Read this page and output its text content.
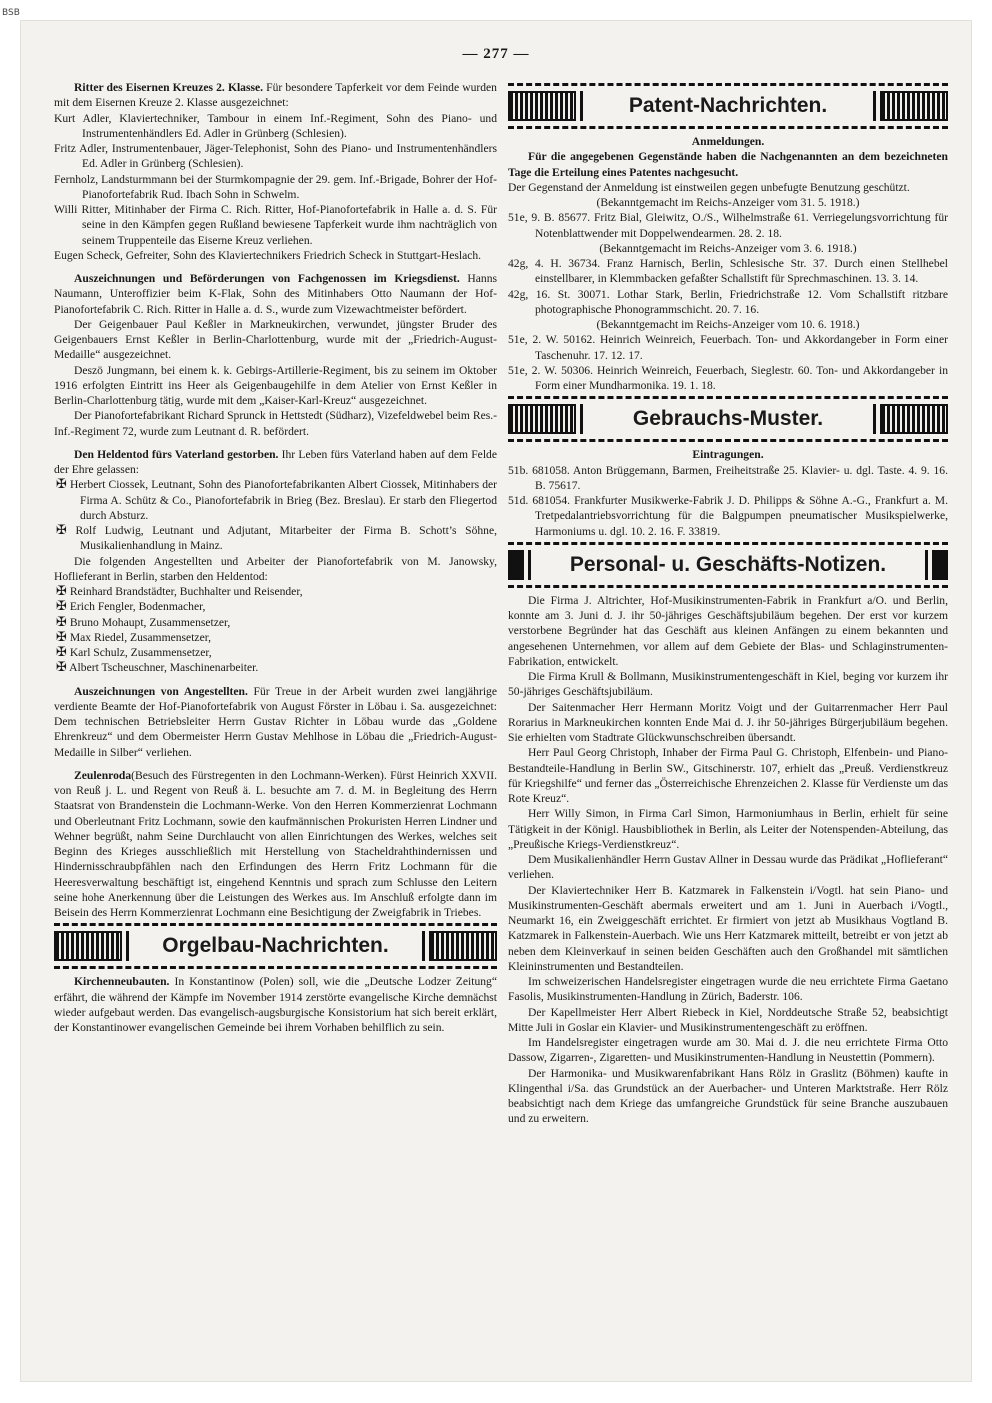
BSB
— 277 —

Ritter des Eisernen Kreuzes 2. Klasse. Für besondere Tapferkeit vor dem Feinde wurden mit dem Eisernen Kreuze 2. Klasse ausgezeichnet:

Kurt Adler, Klaviertechniker, Tambour in einem Inf.-Regiment, Sohn des Piano- und Instrumentenhändlers Ed. Adler in Grünberg (Schlesien).

Fritz Adler, Instrumentenbauer, Jäger-Telephonist, Sohn des Piano- und Instrumentenhändlers Ed. Adler in Grünberg (Schlesien).

Fernholz, Landsturmmann bei der Sturmkompagnie der 29. gem. Inf.-Brigade, Bohrer der Hof-Pianofortefabrik Rud. Ibach Sohn in Schwelm.

Willi Ritter, Mitinhaber der Firma C. Rich. Ritter, Hof-Pianofortefabrik in Halle a. d. S. Für seine in den Kämpfen gegen Rußland bewiesene Tapferkeit wurde ihm nachträglich von seinem Truppenteile das Eiserne Kreuz verliehen.

Eugen Scheck, Gefreiter, Sohn des Klaviertechnikers Friedrich Scheck in Stuttgart-Heslach.

Auszeichnungen und Beförderungen von Fachgenossen im Kriegsdienst. Hanns Naumann, Unteroffizier beim K-Flak, Sohn des Mitinhabers Otto Naumann der Hof-Pianofortefabrik C. Rich. Ritter in Halle a. d. S., wurde zum Vizewachtmeister befördert.

Der Geigenbauer Paul Keßler in Markneukirchen, verwundet, jüngster Bruder des Geigenbauers Ernst Keßler in Berlin-Charlottenburg, wurde mit der „Friedrich-August-Medaille“ ausgezeichnet.

Deszö Jungmann, bei einem k. k. Gebirgs-Artillerie-Regiment, bis zu seinem im Oktober 1916 erfolgten Eintritt ins Heer als Geigenbaugehilfe in dem Atelier von Ernst Keßler in Berlin-Charlottenburg tätig, wurde mit dem „Kaiser-Karl-Kreuz“ ausgezeichnet.

Der Pianofortefabrikant Richard Sprunck in Hettstedt (Südharz), Vizefeldwebel beim Res.-Inf.-Regiment 72, wurde zum Leutnant d. R. befördert.

Den Heldentod fürs Vaterland gestorben. Ihr Leben fürs Vaterland haben auf dem Felde der Ehre gelassen:

✠ Herbert Ciossek, Leutnant, Sohn des Pianofortefabrikanten Albert Ciossek, Mitinhabers der Firma A. Schütz & Co., Pianofortefabrik in Brieg (Bez. Breslau). Er starb den Fliegertod durch Absturz.

✠ Rolf Ludwig, Leutnant und Adjutant, Mitarbeiter der Firma B. Schott’s Söhne, Musikalienhandlung in Mainz.

Die folgenden Angestellten und Arbeiter der Pianofortefabrik von M. Janowsky, Hoflieferant in Berlin, starben den Heldentod:

✠ Reinhard Brandstädter, Buchhalter und Reisender,

✠ Erich Fengler, Bodenmacher,

✠ Bruno Mohaupt, Zusammensetzer,

✠ Max Riedel, Zusammensetzer,

✠ Karl Schulz, Zusammensetzer,

✠ Albert Tscheuschner, Maschinenarbeiter.

Auszeichnungen von Angestellten. Für Treue in der Arbeit wurden zwei langjährige verdiente Beamte der Hof-Pianofortefabrik von August Förster in Löbau i. Sa. ausgezeichnet: Dem technischen Betriebsleiter Herrn Gustav Richter in Löbau wurde das „Goldene Ehrenkreuz“ und dem Obermeister Herrn Gustav Mehlhose in Löbau die „Friedrich-August-Medaille in Silber“ verliehen.

Zeulenroda(Besuch des Fürstregenten in den Lochmann-Werken). Fürst Heinrich XXVII. von Reuß j. L. und Regent von Reuß ä. L. besuchte am 7. d. M. in Begleitung des Herrn Staatsrat von Brandenstein die Lochmann-Werke. Von den Herren Kommerzienrat Lochmann und Oberleutnant Fritz Lochmann, sowie den kaufmännischen Prokuristen Herren Lindner und Wehner begrüßt, nahm Seine Durchlaucht von allen Einrichtungen des Werkes, welches seit Beginn des Krieges ausschließlich mit Herstellung von Stacheldrahthindernissen und Hindernisschraubpfählen nach den Erfindungen des Herrn Fritz Lochmann für die Heeresverwaltung beschäftigt ist, eingehend Kenntnis und sprach zum Schlusse den Leitern seine hohe Anerkennung über die Leistungen des Werkes aus. Im Anschluß erfolgte dann im Beisein des Herrn Kommerzienrat Lochmann eine Besichtigung der Zweigfabrik in Triebes.

Orgelbau-Nachrichten.

Kirchenneubauten. In Konstantinow (Polen) soll, wie die „Deutsche Lodzer Zeitung“ erfährt, die während der Kämpfe im November 1914 zerstörte evangelische Kirche demnächst wieder aufgebaut werden. Das evangelisch-augsburgische Konsistorium hat sich bereit erklärt, der Konstantinower evangelischen Gemeinde bei ihrem Vorhaben behilflich zu sein.

Patent-Nachrichten.

Anmeldungen.

Für die angegebenen Gegenstände haben die Nachgenannten an dem bezeichneten Tage die Erteilung eines Patentes nachgesucht.

Der Gegenstand der Anmeldung ist einstweilen gegen unbefugte Benutzung geschützt.

(Bekanntgemacht im Reichs-Anzeiger vom 31. 5. 1918.)

51e, 9. B. 85677. Fritz Bial, Gleiwitz, O./S., Wilhelmstraße 61. Verriegelungsvorrichtung für Notenblattwender mit Doppelwendearmen. 28. 2. 18.

(Bekanntgemacht im Reichs-Anzeiger vom 3. 6. 1918.)

42g, 4. H. 36734. Franz Harnisch, Berlin, Schlesische Str. 37. Durch einen Stellhebel einstellbarer, in Klemmbacken gefaßter Schallstift für Sprechmaschinen. 13. 3. 14.

42g, 16. St. 30071. Lothar Stark, Berlin, Friedrichstraße 12. Vom Schallstift ritzbare photographische Phonogrammschicht. 20. 7. 16.

(Bekanntgemacht im Reichs-Anzeiger vom 10. 6. 1918.)

51e, 2. W. 50162. Heinrich Weinreich, Feuerbach. Ton- und Akkordangeber in Form einer Taschenuhr. 17. 12. 17.

51e, 2. W. 50306. Heinrich Weinreich, Feuerbach, Sieglestr. 60. Ton- und Akkordangeber in Form einer Mundharmonika. 19. 1. 18.

Gebrauchs-Muster.

Eintragungen.

51b. 681058. Anton Brüggemann, Barmen, Freiheitstraße 25. Klavier- u. dgl. Taste. 4. 9. 16. B. 75617.

51d. 681054. Frankfurter Musikwerke-Fabrik J. D. Philipps & Söhne A.-G., Frankfurt a. M. Tretpedalantriebsvorrichtung für die Balgpumpen pneumatischer Musikspielwerke, Harmoniums u. dgl. 10. 2. 16. F. 33819.

Personal- u. Geschäfts-Notizen.

Die Firma J. Altrichter, Hof-Musikinstrumenten-Fabrik in Frankfurt a/O. und Berlin, konnte am 3. Juni d. J. ihr 50-jähriges Geschäftsjubiläum begehen. Der erst vor kurzem verstorbene Begründer hat das Geschäft aus kleinen Anfängen zu einem bekannten und angesehenen Unternehmen, vor allem auf dem Gebiete der Blas- und Schlaginstrumenten-Fabrikation, entwickelt.

Die Firma Krull & Bollmann, Musikinstrumentengeschäft in Kiel, beging vor kurzem ihr 50-jähriges Geschäftsjubiläum.

Der Saitenmacher Herr Hermann Moritz Voigt und der Guitarrenmacher Herr Paul Rorarius in Markneukirchen konnten Ende Mai d. J. ihr 50-jähriges Bürgerjubiläum begehen. Sie erhielten vom Stadtrate Glückwunschschreiben übersandt.

Herr Paul Georg Christoph, Inhaber der Firma Paul G. Christoph, Elfenbein- und Piano-Bestandteile-Handlung in Berlin SW., Gitschinerstr. 107, erhielt das „Preuß. Verdienstkreuz für Kriegshilfe“ und ferner das „Österreichische Ehrenzeichen 2. Klasse für Verdienste um das Rote Kreuz“.

Herr Willy Simon, in Firma Carl Simon, Harmoniumhaus in Berlin, erhielt für seine Tätigkeit in der Königl. Hausbibliothek in Berlin, als Leiter der Notenspenden-Abteilung, das „Preußische Kriegs-Verdienstkreuz“.

Dem Musikalienhändler Herrn Gustav Allner in Dessau wurde das Prädikat „Hoflieferant“ verliehen.

Der Klaviertechniker Herr B. Katzmarek in Falkenstein i/Vogtl. hat sein Piano- und Musikinstrumenten-Geschäft abermals erweitert und am 1. Juni in Auerbach i/Vogtl., Neumarkt 16, ein Zweiggeschäft errichtet. Er firmiert von jetzt ab Musikhaus Vogtland B. Katzmarek in Falkenstein-Auerbach. Wie uns Herr Katzmarek mitteilt, betreibt er von jetzt ab neben dem Kleinverkauf in seinen beiden Geschäften auch den Großhandel mit sämtlichen Kleininstrumenten und Bestandteilen.

Im schweizerischen Handelsregister eingetragen wurde die neu errichtete Firma Gaetano Fasolis, Musikinstrumenten-Handlung in Zürich, Baderstr. 106.

Der Kapellmeister Herr Albert Riebeck in Kiel, Norddeutsche Straße 52, beabsichtigt Mitte Juli in Goslar ein Klavier- und Musikinstrumentengeschäft zu eröffnen.

Im Handelsregister eingetragen wurde am 30. Mai d. J. die neu errichtete Firma Otto Dassow, Zigarren-, Zigaretten- und Musikinstrumenten-Handlung in Neustettin (Pommern).

Der Harmonika- und Musikwarenfabrikant Hans Rölz in Graslitz (Böhmen) kaufte in Klingenthal i/Sa. das Grundstück an der Auerbacher- und Unteren Marktstraße. Herr Rölz beabsichtigt nach dem Kriege das umfangreiche Grundstück für seine Branche auszubauen und zu erweitern.
